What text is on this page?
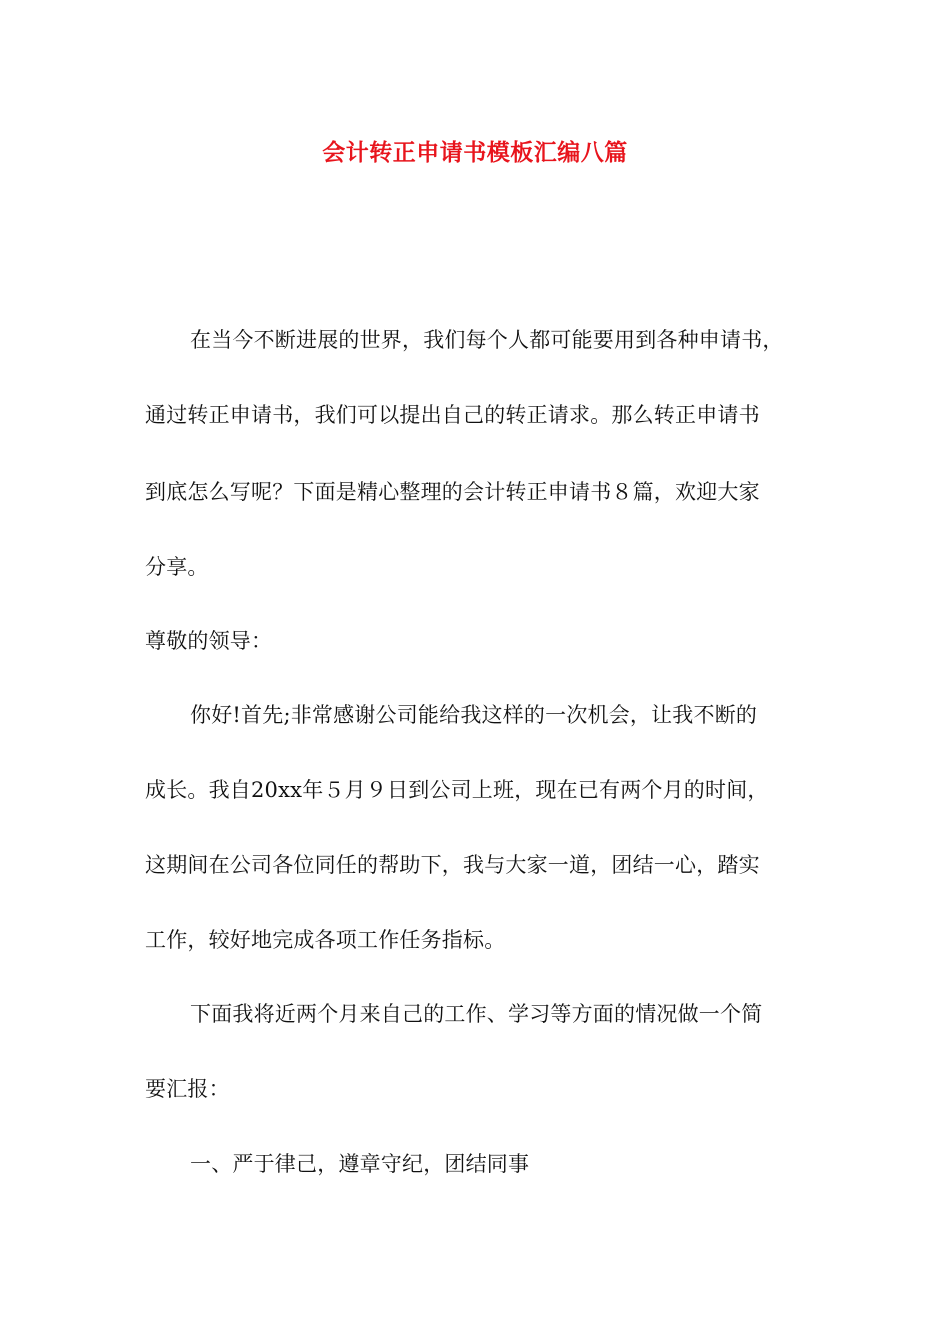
会计转正申请书模板汇编八篇
在当今不断进展的世界，我们每个人都可能要用到各种申请书，
通过转正申请书，我们可以提出自己的转正请求。那么转正申请书
到底怎么写呢？下面是精心整理的会计转正申请书８篇，欢迎大家
分享。
尊敬的领导：
你好!首先;非常感谢公司能给我这样的一次机会，让我不断的
成长。我自20xx年５月９日到公司上班，现在已有两个月的时间，
这期间在公司各位同任的帮助下，我与大家一道，团结一心，踏实
工作，较好地完成各项工作任务指标。
下面我将近两个月来自己的工作、学习等方面的情况做一个简
要汇报：
一、严于律己，遵章守纪，团结同事
